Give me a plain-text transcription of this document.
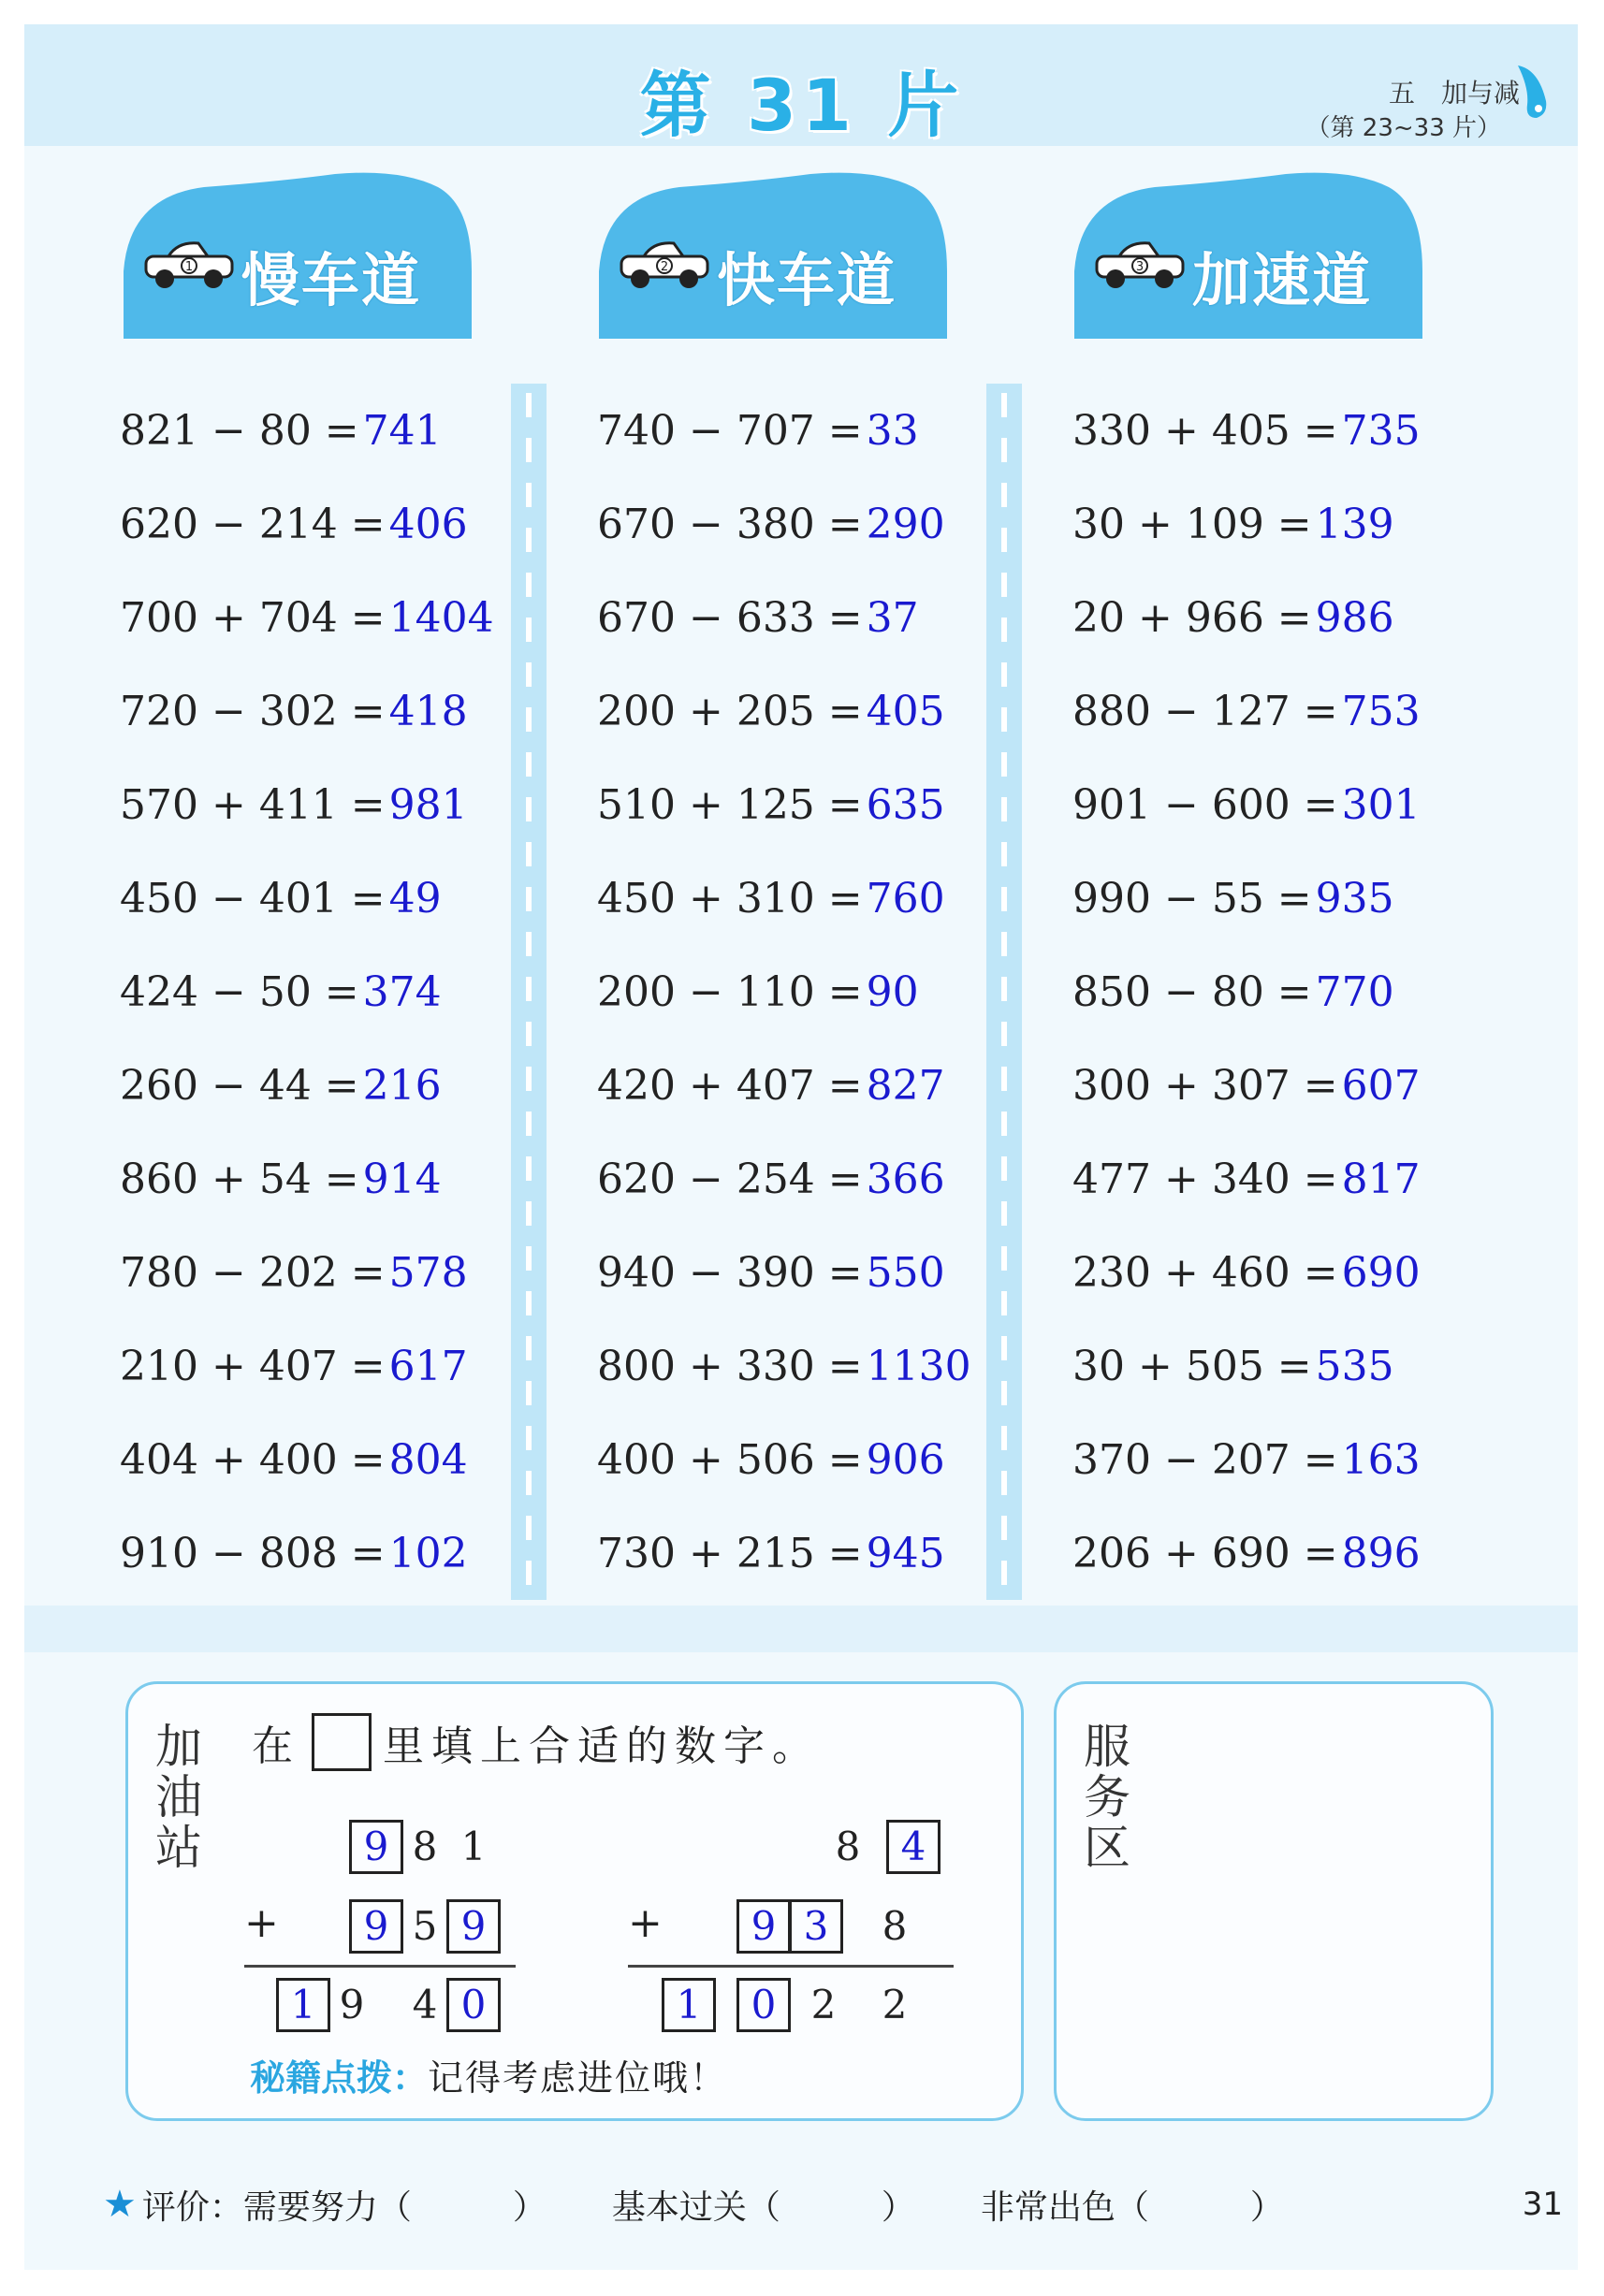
第 31 片	五　加与减
（第 23~33 片）
1 慢车道	2 快车道	3 加速道
821 − 80 = 741
620 − 214 = 406
700 + 704 = 1404
720 − 302 = 418
570 + 411 = 981
450 − 401 = 49
424 − 50 = 374
260 − 44 = 216
860 + 54 = 914
780 − 202 = 578
210 + 407 = 617
404 + 400 = 804
910 − 808 = 102
740 − 707 = 33
670 − 380 = 290
670 − 633 = 37
200 + 205 = 405
510 + 125 = 635
450 + 310 = 760
200 − 110 = 90
420 + 407 = 827
620 − 254 = 366
940 − 390 = 550
800 + 330 = 1130
400 + 506 = 906
730 + 215 = 945
330 + 405 = 735
30 + 109 = 139
20 + 966 = 986
880 − 127 = 753
901 − 600 = 301
990 − 55 = 935
850 − 80 = 770
300 + 307 = 607
477 + 340 = 817
230 + 460 = 690
30 + 505 = 535
370 − 207 = 163
206 + 690 = 896
加油站 在 里填上合适的数字。
9 8 1
+	9 5 9
1 9	4 0
8	4
+	9 3	8
1	0 2	2
秘籍点拨：记得考虑进位哦！
服务区
★ 评价： 需要努力（　　　） 基本过关（　　　） 非常出色（　　　）	31
